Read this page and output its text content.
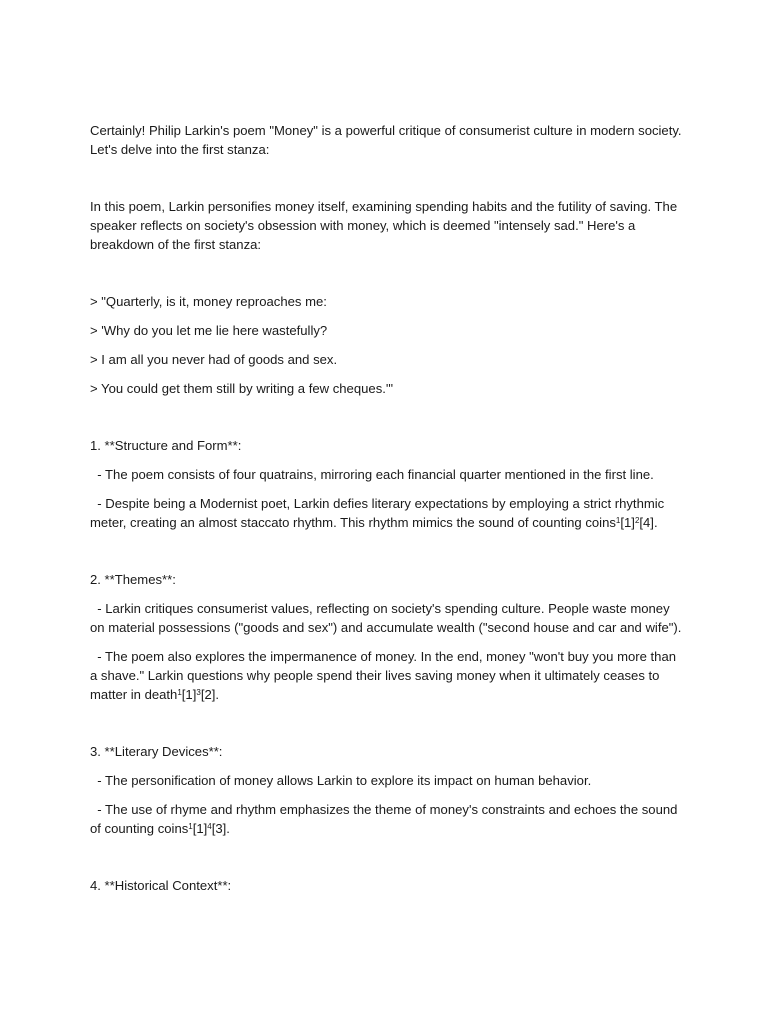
Certainly! Philip Larkin's poem "Money" is a powerful critique of consumerist culture in modern society. Let's delve into the first stanza:

In this poem, Larkin personifies money itself, examining spending habits and the futility of saving. The speaker reflects on society's obsession with money, which is deemed "intensely sad." Here's a breakdown of the first stanza:

> "Quarterly, is it, money reproaches me:

> 'Why do you let me lie here wastefully?

> I am all you never had of goods and sex.

> You could get them still by writing a few cheques.'"

1. **Structure and Form**:

- The poem consists of four quatrains, mirroring each financial quarter mentioned in the first line.

- Despite being a Modernist poet, Larkin defies literary expectations by employing a strict rhythmic meter, creating an almost staccato rhythm. This rhythm mimics the sound of counting $coins^1[1]^2[4]$.

2. **Themes**:

- Larkin critiques consumerist values, reflecting on society's spending culture. People waste money on material possessions ("goods and sex") and accumulate wealth ("second house and car and wife").

- The poem also explores the impermanence of money. In the end, money "won't buy you more than a shave." Larkin questions why people spend their lives saving money when it ultimately ceases to matter in $death^1[1]^3[2]$.

3. **Literary Devices**:

- The personification of money allows Larkin to explore its impact on human behavior.

- The use of rhyme and rhythm emphasizes the theme of money's constraints and echoes the sound of counting $coins^1[1]^4[3]$.

4. **Historical Context**:
